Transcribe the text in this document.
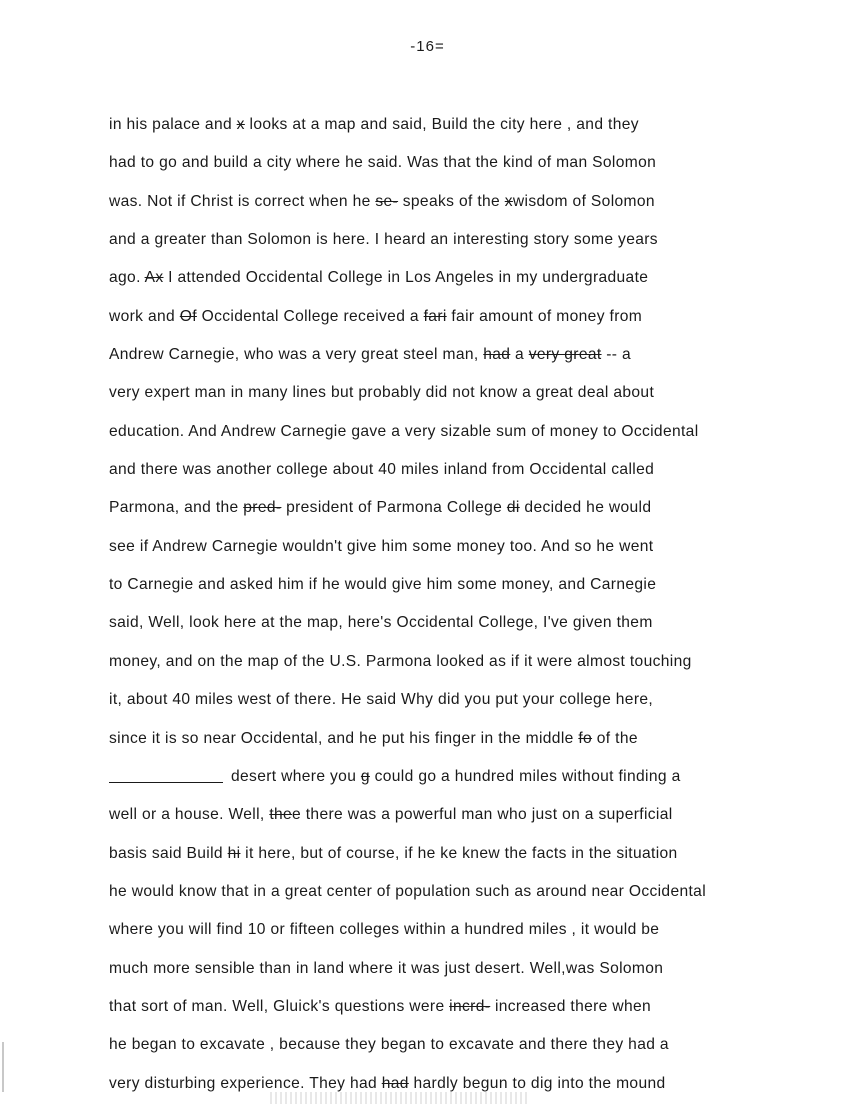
-16=
in his palace and x looks at a map and said, Build the city here , and they
had to go and build a city where he said. Was that the kind of man Solomon
was. Not if Christ is correct when he se- speaks of the xwisdom of Solomon
and a greater than Solomon is here. I heard an interesting story some years
ago. Ax I attended Occidental College in Los Angeles in my undergraduate
work and Of Occidental College received a fari fair amount of money from
Andrew Carnegie, who was a very great steel man, had a very great -- a
very expert man in many lines but probably did not know a great deal about
education. And Andrew Carnegie gave a very sizable sum of money to Occidental
and there was another college about 40 miles inland from Occidental called
Parmona, and the pred- president of Parmona College di decided he would
see if Andrew Carnegie wouldn't give him some money too. And so he went
to Carnegie and asked him if he would give him some money, and Carnegie
said, Well, look here at the map, here's Occidental College, I've given them
money, and on the map of the U.S. Parmona looked as if it were almost touching
it, about 40 miles west of there. He said Why did you put your college here,
since it is so near Occidental, and he put his finger in the middle fo of the
desert where you g could go a hundred miles without finding a
well or a house. Well, thee there was a powerful man who just on a superficial
basis said Build hi it here, but of course, if he ke knew the facts in the situation
he would know that in a great center of population such as around near Occidental
where you will find 10 or fifteen colleges within a hundred miles , it would be
much more sensible than in land where it was just desert. Well,was Solomon
that sort of man. Well, Gluick's questions were incrd- increased there when
he began to excavate , because they began to excavate and there they had a
very disturbing experience. They had had hardly begun to dig into the mound
